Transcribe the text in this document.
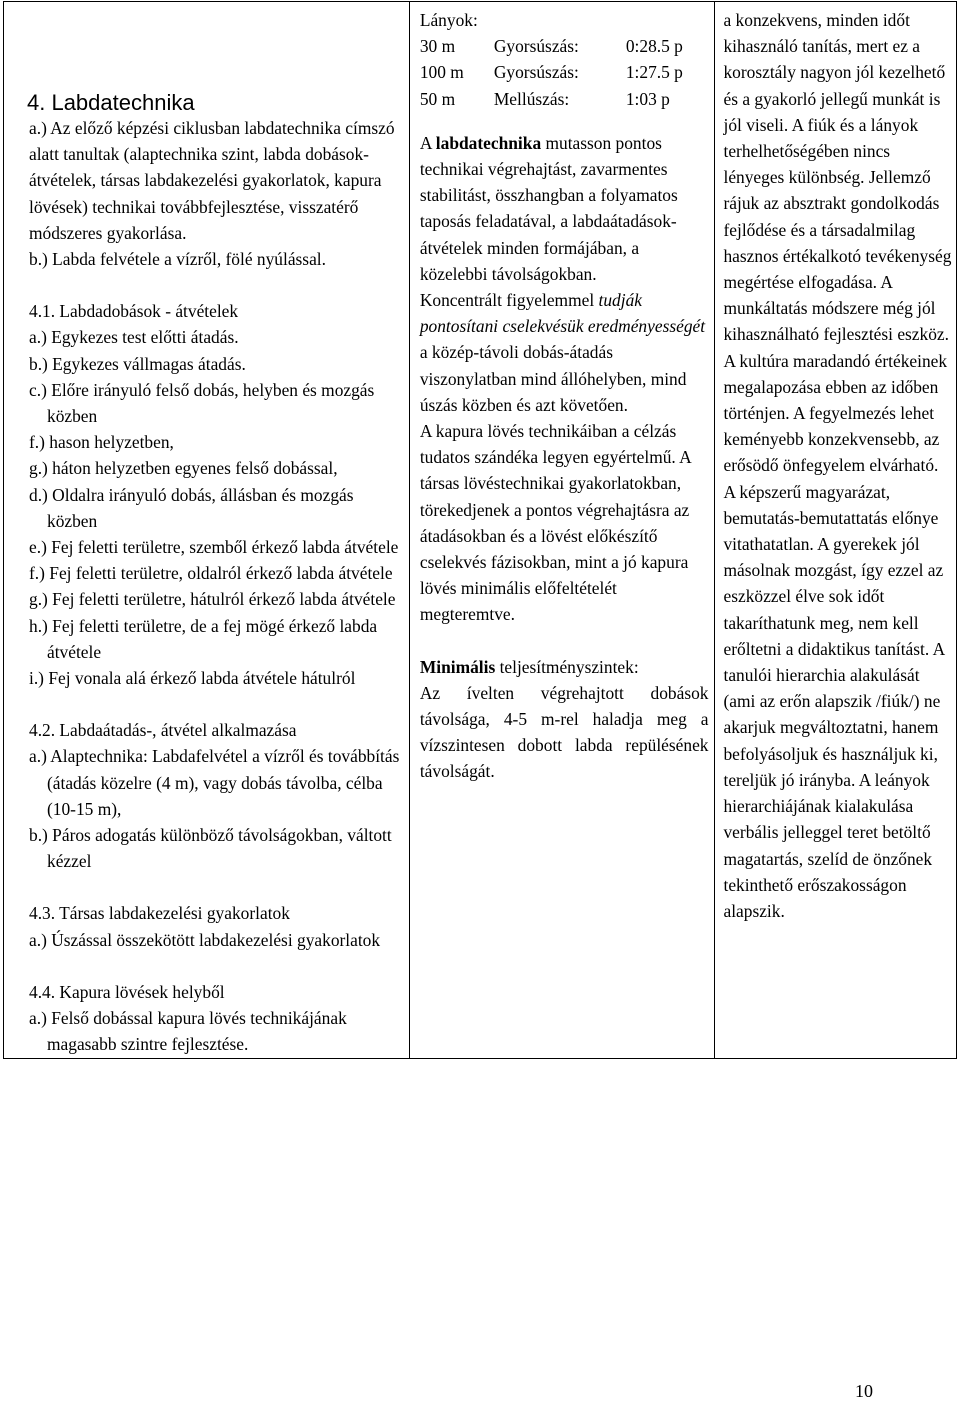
4. Labdatechnika

a.) Az előző képzési ciklusban labdatechnika címszó alatt tanultak (alaptechnika szint, labda dobások-átvételek, társas labdakezelési gyakorlatok, kapura lövések) technikai továbbfejlesztése, visszatérő módszeres gyakorlása.

b.) Labda felvétele a vízről, fölé nyúlással.

4.1. Labdadobások - átvételek

a.) Egykezes test előtti átadás.

b.) Egykezes vállmagas átadás.

c.) Előre irányuló felső dobás, helyben és mozgás közben

f.) hason helyzetben,

g.) háton helyzetben egyenes felső dobással,

d.) Oldalra irányuló dobás, állásban és mozgás közben

e.) Fej feletti területre, szemből érkező labda átvétele

f.) Fej feletti területre, oldalról érkező labda átvétele

g.) Fej feletti területre, hátulról érkező labda átvétele

h.) Fej feletti területre, de a fej mögé érkező labda átvétele

i.) Fej vonala alá érkező labda átvétele hátulról

4.2. Labdaátadás-, átvétel alkalmazása

a.) Alaptechnika: Labdafelvétel a vízről és továbbítás (átadás közelre (4 m), vagy dobás távolba, célba (10-15 m),

b.) Páros adogatás különböző távolságokban, váltott kézzel

4.3. Társas labdakezelési gyakorlatok

a.) Úszással összekötött labdakezelési gyakorlatok

4.4. Kapura lövések helyből

a.) Felső dobással kapura lövés technikájának magasabb szintre fejlesztése.

Lányok:

30 m	Gyorsúszás:	0:28.5 p
100 m	Gyorsúszás:	1:27.5 p
50 m	Mellúszás:	1:03 p

A labdatechnika mutasson pontos technikai végrehajtást, zavarmentes stabilitást, összhangban a folyamatos taposás feladatával, a labdaátadások-átvételek minden formájában, a közelebbi távolságokban.

Koncentrált figyelemmel tudják pontosítani cselekvésük eredményességét a közép-távoli dobás-átadás viszonylatban mind állóhelyben, mind úszás közben és azt követően.

A kapura lövés technikáiban a célzás tudatos szándéka legyen egyértelmű. A társas lövéstechnikai gyakorlatokban, törekedjenek a pontos végrehajtásra az átadásokban és a lövést előkészítő cselekvés fázisokban, mint a jó kapura lövés minimális előfeltételét megteremtve.

Minimális teljesítményszintek:

Az ívelten végrehajtott dobások távolsága, 4-5 m-rel haladja meg a vízszintesen dobott labda repülésének távolságát.

a konzekvens, minden időt kihasználó tanítás, mert ez a korosztály nagyon jól kezelhető és a gyakorló jellegű munkát is jól viseli. A fiúk és a lányok terhelhetőségében nincs lényeges különbség. Jellemző rájuk az absztrakt gondolkodás fejlődése és a társadalmilag hasznos értékalkotó tevékenység megértése elfogadása. A munkáltatás módszere még jól kihasználható fejlesztési eszköz. A kultúra maradandó értékeinek megalapozása ebben az időben történjen. A fegyelmezés lehet keményebb konzekvensebb, az erősödő önfegyelem elvárható. A képszerű magyarázat, bemutatás-bemutattatás előnye vitathatatlan. A gyerekek jól másolnak mozgást, így ezzel az eszközzel élve sok időt takaríthatunk meg, nem kell erőltetni a didaktikus tanítást. A tanulói hierarchia alakulását (ami az erőn alapszik /fiúk/) ne akarjuk megváltoztatni, hanem befolyásoljuk és használjuk ki, tereljük jó irányba. A leányok hierarchiájának kialakulása verbális jelleggel teret betöltő magatartás, szelíd de önzőnek tekinthető erőszakosságon alapszik.

10
